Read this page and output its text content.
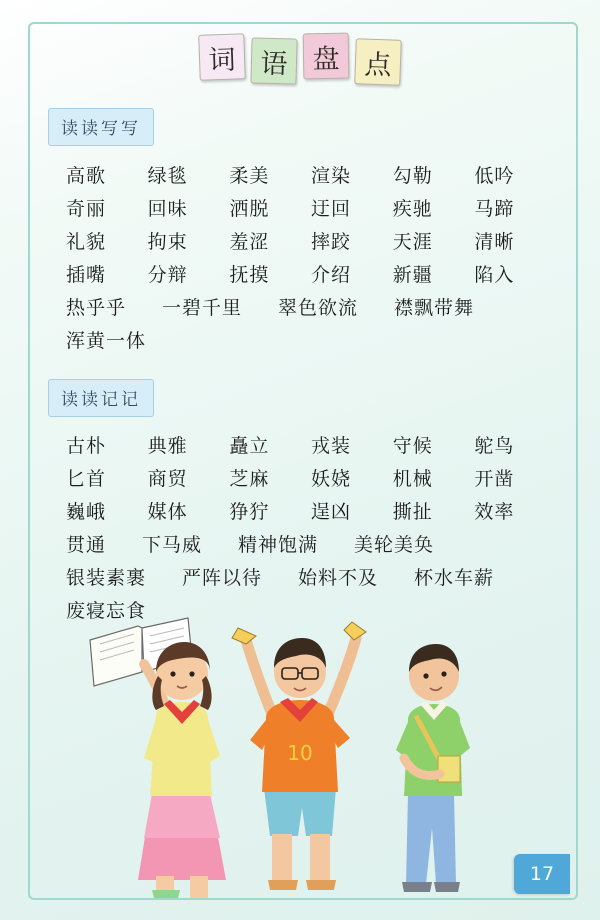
词 语 盘 点
读读写写
高歌	绿毯	柔美	渲染	勾勒	低吟
奇丽	回味	洒脱	迂回	疾驰	马蹄
礼貌	拘束	羞涩	摔跤	天涯	清晰
插嘴	分辩	抚摸	介绍	新疆	陷入
热乎乎 一碧千里 翠色欲流 襟飘带舞
浑黄一体
读读记记
古朴	典雅	矗立	戎装	守候	鸵鸟
匕首	商贸	芝麻	妖娆	机械	开凿
巍峨	媒体	狰狞	逞凶	撕扯	效率
贯通 下马威 精神饱满 美轮美奂
银装素裹 严阵以待 始料不及 杯水车薪
废寝忘食
10
17
